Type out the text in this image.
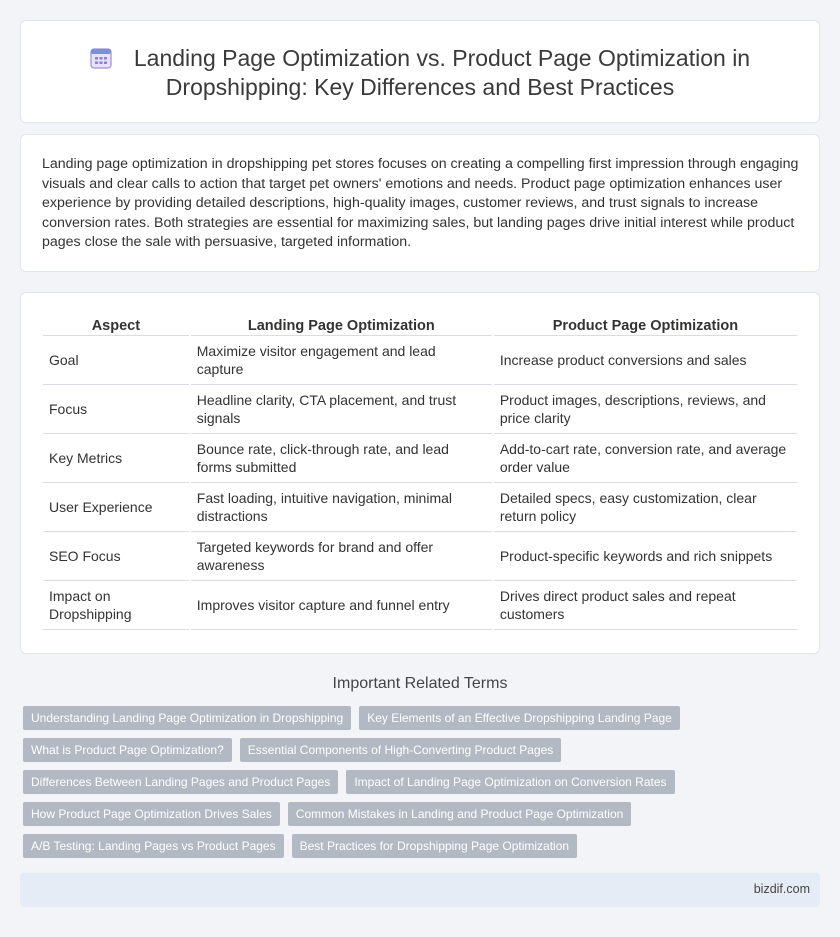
Landing Page Optimization vs. Product Page Optimization in
Dropshipping: Key Differences and Best Practices

Landing page optimization in dropshipping pet stores focuses on creating a compelling first impression through engaging visuals and clear calls to action that target pet owners' emotions and needs. Product page optimization enhances user experience by providing detailed descriptions, high-quality images, customer reviews, and trust signals to increase conversion rates. Both strategies are essential for maximizing sales, but landing pages drive initial interest while product pages close the sale with persuasive, targeted information.

Aspect	Landing Page Optimization	Product Page Optimization
Goal	Maximize visitor engagement and lead capture	Increase product conversions and sales
Focus	Headline clarity, CTA placement, and trust signals	Product images, descriptions, reviews, and price clarity
Key Metrics	Bounce rate, click-through rate, and lead forms submitted	Add-to-cart rate, conversion rate, and average order value
User Experience	Fast loading, intuitive navigation, minimal distractions	Detailed specs, easy customization, clear return policy
SEO Focus	Targeted keywords for brand and offer awareness	Product-specific keywords and rich snippets
Impact on Dropshipping	Improves visitor capture and funnel entry	Drives direct product sales and repeat customers
Important Related Terms
Understanding Landing Page Optimization in Dropshipping	Key Elements of an Effective Dropshipping Landing Page
What is Product Page Optimization?	Essential Components of High-Converting Product Pages
Differences Between Landing Pages and Product Pages	Impact of Landing Page Optimization on Conversion Rates
How Product Page Optimization Drives Sales	Common Mistakes in Landing and Product Page Optimization
A/B Testing: Landing Pages vs Product Pages	Best Practices for Dropshipping Page Optimization
bizdif.com
